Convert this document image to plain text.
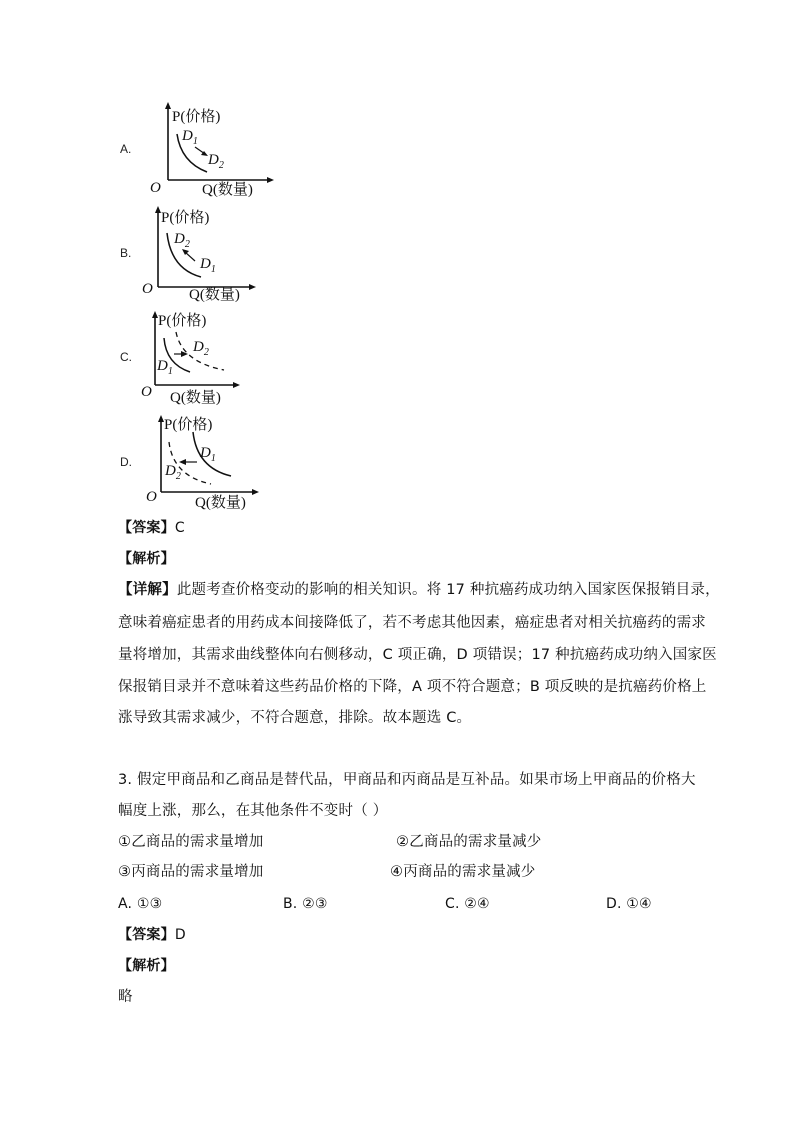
A.
P(价格)
$D_1$
$D_2$
O	Q(数量)
B.
P(价格)
$D_2$
$D_1$
O Q(数量)
C.
P(价格)
$D_2$
$D_1$
O Q(数量)
D.
P(价格)
$D_1$
$D_2$
O	Q(数量)
【答案】C
【解析】
【详解】此题考查价格变动的影响的相关知识。将 17 种抗癌药成功纳入国家医保报销目录，
意味着癌症患者的用药成本间接降低了，若不考虑其他因素，癌症患者对相关抗癌药的需求
量将增加，其需求曲线整体向右侧移动，C 项正确，D 项错误；17 种抗癌药成功纳入国家医
保报销目录并不意味着这些药品价格的下降，A 项不符合题意；B 项反映的是抗癌药价格上
涨导致其需求减少，不符合题意，排除。故本题选 C。
3. 假定甲商品和乙商品是替代品，甲商品和丙商品是互补品。如果市场上甲商品的价格大
幅度上涨，那么，在其他条件不变时（ ）
①乙商品的需求量增加	②乙商品的需求量减少
③丙商品的需求量增加	④丙商品的需求量减少
A. ①③	B. ②③	C. ②④	D. ①④
【答案】D
【解析】
略
